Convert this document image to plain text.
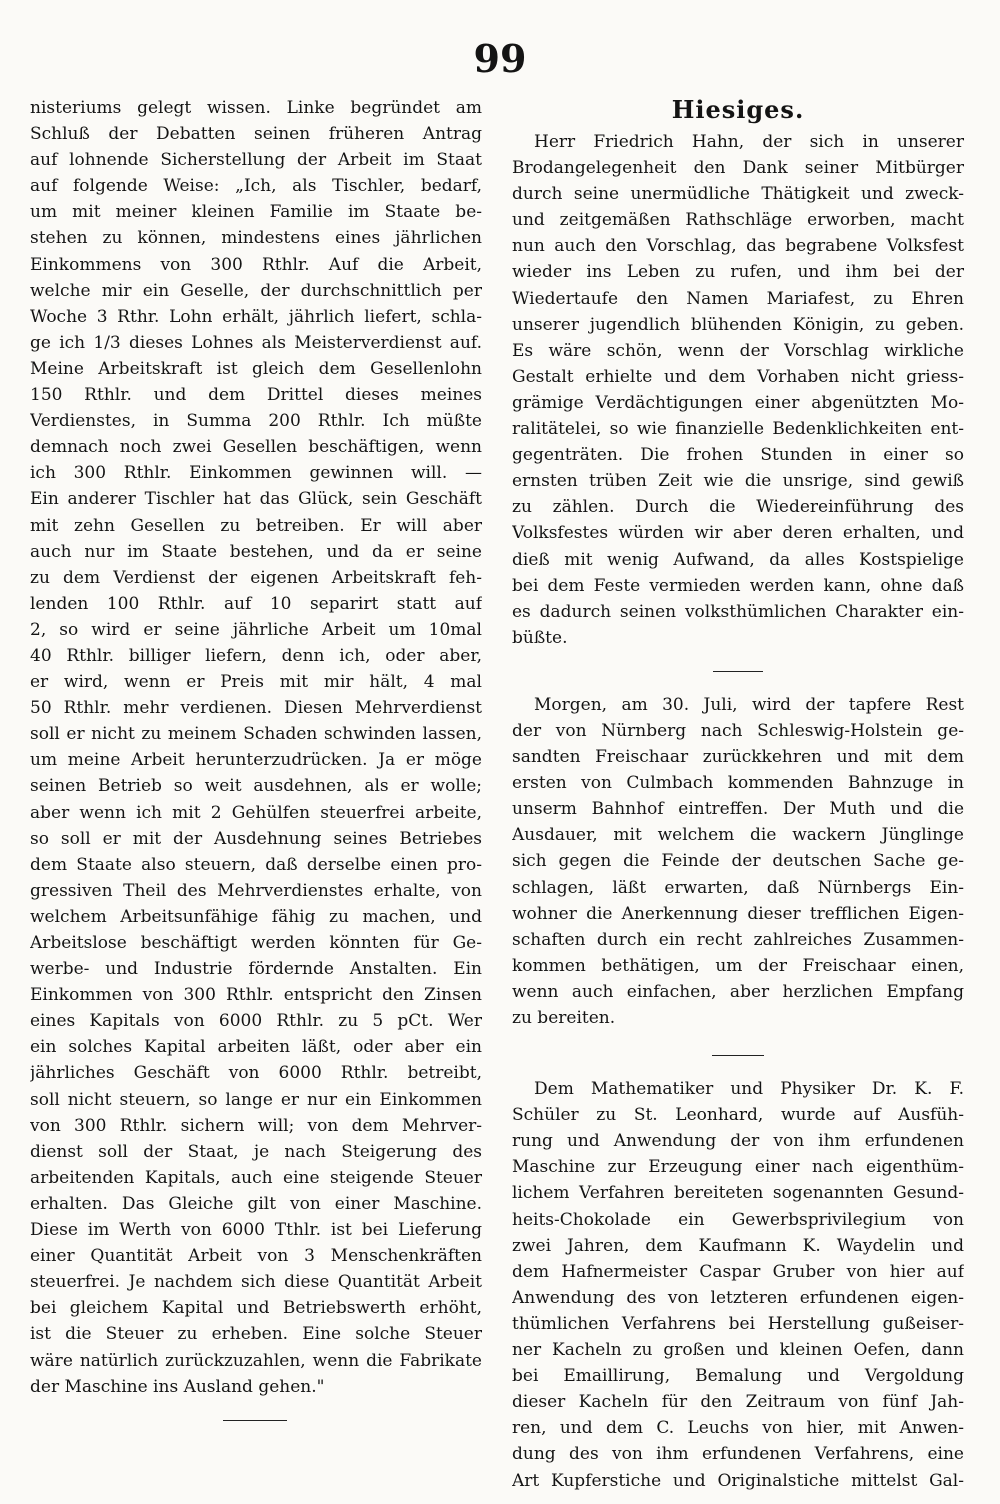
99
nisteriums gelegt wissen. Linke begründet am
Schluß der Debatten seinen früheren Antrag
auf lohnende Sicherstellung der Arbeit im Staat
auf folgende Weise: „Ich, als Tischler, bedarf,
um mit meiner kleinen Familie im Staate be-
stehen zu können, mindestens eines jährlichen
Einkommens von 300 Rthlr. Auf die Arbeit,
welche mir ein Geselle, der durchschnittlich per
Woche 3 Rthr. Lohn erhält, jährlich liefert, schla-
ge ich 1/3 dieses Lohnes als Meisterverdienst auf.
Meine Arbeitskraft ist gleich dem Gesellenlohn
150 Rthlr. und dem Drittel dieses meines
Verdienstes, in Summa 200 Rthlr. Ich müßte
demnach noch zwei Gesellen beschäftigen, wenn
ich 300 Rthlr. Einkommen gewinnen will. —
Ein anderer Tischler hat das Glück, sein Geschäft
mit zehn Gesellen zu betreiben. Er will aber
auch nur im Staate bestehen, und da er seine
zu dem Verdienst der eigenen Arbeitskraft feh-
lenden 100 Rthlr. auf 10 separirt statt auf
2, so wird er seine jährliche Arbeit um 10mal
40 Rthlr. billiger liefern, denn ich, oder aber,
er wird, wenn er Preis mit mir hält, 4 mal
50 Rthlr. mehr verdienen. Diesen Mehrverdienst
soll er nicht zu meinem Schaden schwinden lassen,
um meine Arbeit herunterzudrücken. Ja er möge
seinen Betrieb so weit ausdehnen, als er wolle;
aber wenn ich mit 2 Gehülfen steuerfrei arbeite,
so soll er mit der Ausdehnung seines Betriebes
dem Staate also steuern, daß derselbe einen pro-
gressiven Theil des Mehrverdienstes erhalte, von
welchem Arbeitsunfähige fähig zu machen, und
Arbeitslose beschäftigt werden könnten für Ge-
werbe- und Industrie fördernde Anstalten. Ein
Einkommen von 300 Rthlr. entspricht den Zinsen
eines Kapitals von 6000 Rthlr. zu 5 pCt. Wer
ein solches Kapital arbeiten läßt, oder aber ein
jährliches Geschäft von 6000 Rthlr. betreibt,
soll nicht steuern, so lange er nur ein Einkommen
von 300 Rthlr. sichern will; von dem Mehrver-
dienst soll der Staat, je nach Steigerung des
arbeitenden Kapitals, auch eine steigende Steuer
erhalten. Das Gleiche gilt von einer Maschine.
Diese im Werth von 6000 Tthlr. ist bei Lieferung
einer Quantität Arbeit von 3 Menschenkräften
steuerfrei. Je nachdem sich diese Quantität Arbeit
bei gleichem Kapital und Betriebswerth erhöht,
ist die Steuer zu erheben. Eine solche Steuer
wäre natürlich zurückzuzahlen, wenn die Fabrikate
der Maschine ins Ausland gehen."
Hiesiges.
Herr Friedrich Hahn, der sich in unserer
Brodangelegenheit den Dank seiner Mitbürger
durch seine unermüdliche Thätigkeit und zweck-
und zeitgemäßen Rathschläge erworben, macht
nun auch den Vorschlag, das begrabene Volksfest
wieder ins Leben zu rufen, und ihm bei der
Wiedertaufe den Namen Mariafest, zu Ehren
unserer jugendlich blühenden Königin, zu geben.
Es wäre schön, wenn der Vorschlag wirkliche
Gestalt erhielte und dem Vorhaben nicht griess-
grämige Verdächtigungen einer abgenützten Mo-
ralitätelei, so wie finanzielle Bedenklichkeiten ent-
gegenträten. Die frohen Stunden in einer so
ernsten trüben Zeit wie die unsrige, sind gewiß
zu zählen. Durch die Wiedereinführung des
Volksfestes würden wir aber deren erhalten, und
dieß mit wenig Aufwand, da alles Kostspielige
bei dem Feste vermieden werden kann, ohne daß
es dadurch seinen volksthümlichen Charakter ein-
büßte.
Morgen, am 30. Juli, wird der tapfere Rest
der von Nürnberg nach Schleswig-Holstein ge-
sandten Freischaar zurückkehren und mit dem
ersten von Culmbach kommenden Bahnzuge in
unserm Bahnhof eintreffen. Der Muth und die
Ausdauer, mit welchem die wackern Jünglinge
sich gegen die Feinde der deutschen Sache ge-
schlagen, läßt erwarten, daß Nürnbergs Ein-
wohner die Anerkennung dieser trefflichen Eigen-
schaften durch ein recht zahlreiches Zusammen-
kommen bethätigen, um der Freischaar einen,
wenn auch einfachen, aber herzlichen Empfang
zu bereiten.
Dem Mathematiker und Physiker Dr. K. F.
Schüler zu St. Leonhard, wurde auf Ausfüh-
rung und Anwendung der von ihm erfundenen
Maschine zur Erzeugung einer nach eigenthüm-
lichem Verfahren bereiteten sogenannten Gesund-
heits-Chokolade ein Gewerbsprivilegium von
zwei Jahren, dem Kaufmann K. Waydelin und
dem Hafnermeister Caspar Gruber von hier auf
Anwendung des von letzteren erfundenen eigen-
thümlichen Verfahrens bei Herstellung gußeiser-
ner Kacheln zu großen und kleinen Oefen, dann
bei Emaillirung, Bemalung und Vergoldung
dieser Kacheln für den Zeitraum von fünf Jah-
ren, und dem C. Leuchs von hier, mit Anwen-
dung des von ihm erfundenen Verfahrens, eine
Art Kupferstiche und Originalstiche mittelst Gal-
